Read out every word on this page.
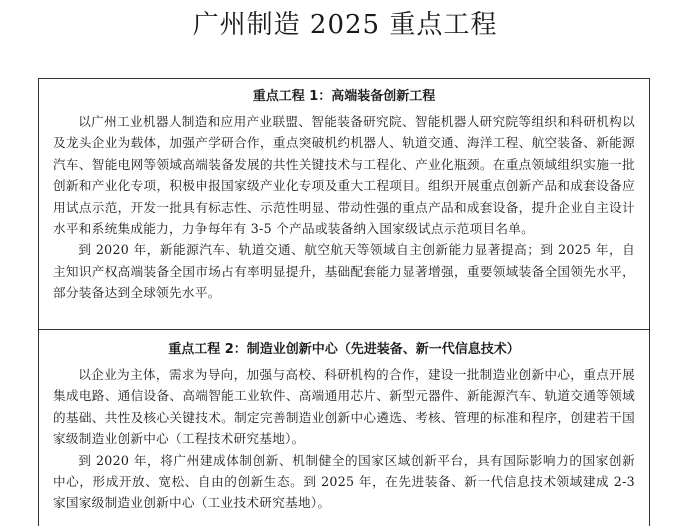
广州制造 2025 重点工程
重点工程 1：高端装备创新工程

以广州工业机器人制造和应用产业联盟、智能装备研究院、智能机器人研究院等组织和科研机构以及龙头企业为载体，加强产学研合作，重点突破机约机器人、轨道交通、海洋工程、航空装备、新能源汽车、智能电网等领域高端装备发展的共性关键技术与工程化、产业化瓶颈。在重点领域组织实施一批创新和产业化专项，积极申报国家级产业化专项及重大工程项目。组织开展重点创新产品和成套设备应用试点示范，开发一批具有标志性、示范性明显、带动性强的重点产品和成套设备，提升企业自主设计水平和系统集成能力，力争每年有 3-5 个产品或装备纳入国家级试点示范项目名单。

到 2020 年，新能源汽车、轨道交通、航空航天等领域自主创新能力显著提高；到 2025 年，自主知识产权高端装备全国市场占有率明显提升，基础配套能力显著增强，重要领域装备全国领先水平，部分装备达到全球领先水平。

重点工程 2：制造业创新中心（先进装备、新一代信息技术）

以企业为主体，需求为导向，加强与高校、科研机构的合作，建设一批制造业创新中心，重点开展集成电路、通信设备、高端智能工业软件、高端通用芯片、新型元器件、新能源汽车、轨道交通等领域的基础、共性及核心关键技术。制定完善制造业创新中心遴选、考核、管理的标准和程序，创建若干国家级制造业创新中心（工程技术研究基地）。

到 2020 年，将广州建成体制创新、机制健全的国家区域创新平台，具有国际影响力的国家创新中心，形成开放、宽松、自由的创新生态。到 2025 年，在先进装备、新一代信息技术领域建成 2-3 家国家级制造业创新中心（工业技术研究基地）。
